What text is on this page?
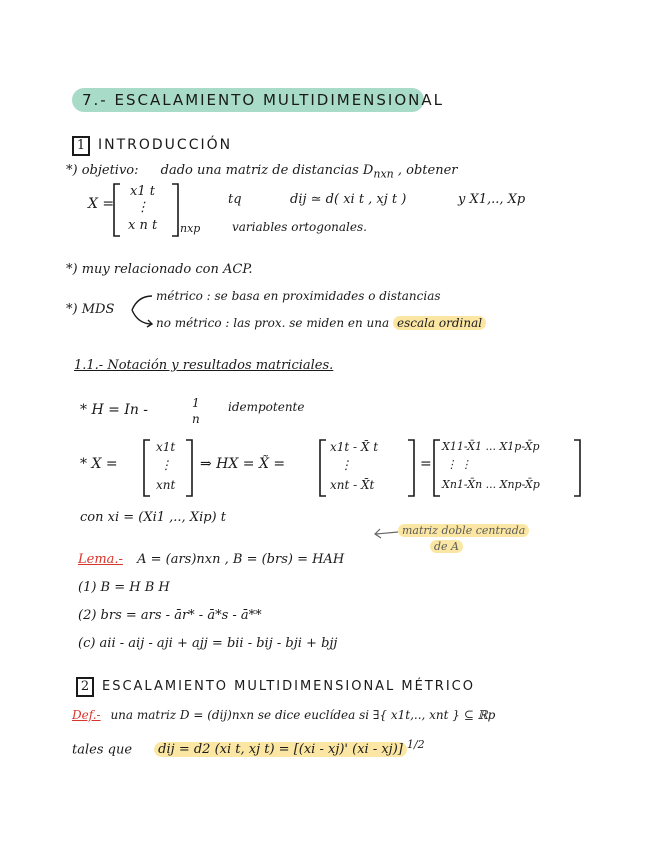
7.- ESCALAMIENTO MULTIDIMENSIONAL
1 INTRODUCCIÓN
*) objetivo: dado una matriz de distancias $D_{nxn}$ , obtener
X =
x1 t
⋮
x n t nxp
tq	dij ≃ d( xi t , xj t )	y X1,.., Xp
variables ortogonales.
*) muy relacionado con ACP.
*) MDS
métrico : se basa en proximidades o distancias
no métrico : las prox. se miden en una escala ordinal
1.1.- Notación y resultados matriciales.
* H = In -	1
n
idempotente
* X =
x1t
⋮
xnt
⇒ HX = X̃ =
x1t - X̄ t
⋮
xnt - X̄t
=
X11-X̄1 ... X1p-X̄p
⋮ ⋮
Xn1-X̄n ... Xnp-X̄p
con xi = (Xi1 ,.., Xip) t
matriz doble centrada
de A
Lema.- A = (ars)nxn , B = (brs) = HAH
(1) B = H B H
(2) brs = ars - ār* - ā*s - ā**
(c) aii - aij - aji + ajj = bii - bij - bji + bjj
2 ESCALAMIENTO MULTIDIMENSIONAL MÉTRICO
Def.- una matriz D = (dij)nxn se dice euclídea si ∃{ x1t,.., xnt } ⊆ ℝp
tales que dij = d2 (xi t, xj t) = [(xi - xj)' (xi - xj)] $^{1/2}$
